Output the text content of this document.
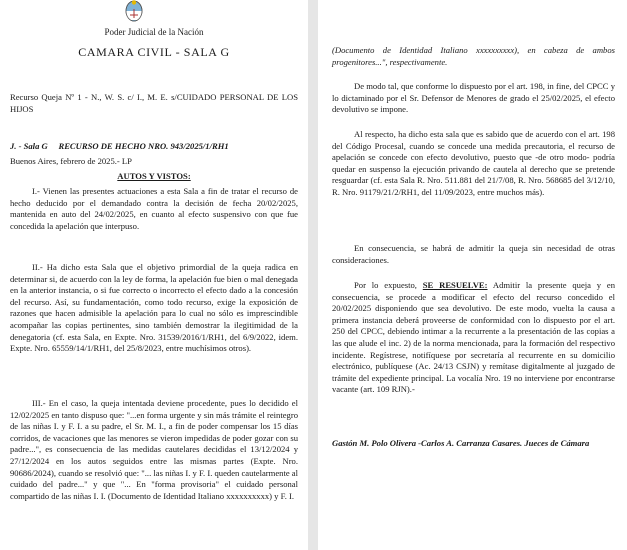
Poder Judicial de la Nación
CAMARA CIVIL - SALA G

Recurso Queja Nº 1 - N., W. S. c/ I., M. E. s/CUIDADO PERSONAL DE LOS HIJOS

J. - Sala G     RECURSO DE HECHO NRO. 943/2025/1/RH1

Buenos Aires, febrero de 2025.- LP

AUTOS Y VISTOS:

I.- Vienen las presentes actuaciones a esta Sala a fin de tratar el recurso de hecho deducido por el demandado contra la decisión de fecha 20/02/2025, mantenida en auto del 24/02/2025, en cuanto al efecto suspensivo con que fue concedida la apelación que interpuso.

II.- Ha dicho esta Sala que el objetivo primordial de la queja radica en determinar si, de acuerdo con la ley de forma, la apelación fue bien o mal denegada en la anterior instancia, o si fue correcto o incorrecto el efecto dado a la concesión del recurso. Así, su fundamentación, como todo recurso, exige la exposición de razones que hacen admisible la apelación para lo cual no sólo es imprescindible acompañar las copias pertinentes, sino también demostrar la ilegitimidad de la denegatoria (cf. esta Sala, en Expte. Nro. 31539/2016/1/RH1, del 6/9/2022, idem. Expte. Nro. 65559/14/1/RH1, del 25/8/2023, entre muchísimos otros).

III.- En el caso, la queja intentada deviene procedente, pues lo decidido el 12/02/2025 en tanto dispuso que: "...en forma urgente y sin más trámite el reintegro de las niñas I. y F. I. a su padre, el Sr. M. I., a fin de poder compensar los 15 días corridos, de vacaciones que las menores se vieron impedidas de poder gozar con su padre...", es consecuencia de las medidas cautelares decididas el 13/12/2024 y 27/12/2024 en los autos seguidos entre las mismas partes (Expte. Nro. 90686/2024), cuando se resolvió que: "... las niñas I. y F. I. queden cautelarmente al cuidado del padre..." y que "... En "forma provisoria" el cuidado personal compartido de las niñas I. I. (Documento de Identidad Italiano xxxxxxxxxx) y F. I.

(Documento de Identidad Italiano xxxxxxxxxx), en cabeza de ambos progenitores...", respectivamente.

De modo tal, que conforme lo dispuesto por el art. 198, in fine, del CPCC y lo dictaminado por el Sr. Defensor de Menores de grado el 25/02/2025, el efecto devolutivo se impone.

Al respecto, ha dicho esta sala que es sabido que de acuerdo con el art. 198 del Código Procesal, cuando se concede una medida precautoria, el recurso de apelación se concede con efecto devolutivo, puesto que -de otro modo- podría quedar en suspenso la ejecución privando de cautela al derecho que se pretende resguardar (cf. esta Sala R. Nro. 511.881 del 21/7/08, R. Nro. 568685 del 3/12/10, R. Nro. 91179/21/2/RH1, del 11/09/2023, entre muchos más).

En consecuencia, se habrá de admitir la queja sin necesidad de otras consideraciones.

Por lo expuesto, SE RESUELVE: Admitir la presente queja y en consecuencia, se procede a modificar el efecto del recurso concedido el 20/02/2025 disponiendo que sea devolutivo. De este modo, vuelta la causa a primera instancia deberá proveerse de conformidad con lo dispuesto por el art. 250 del CPCC, debiendo intimar a la recurrente a la presentación de las copias a las que alude el inc. 2) de la norma mencionada, para la formación del respectivo incidente. Regístrese, notifíquese por secretaría al recurrente en su domicilio electrónico, publíquese (Ac. 24/13 CSJN) y remítase digitalmente al juzgado de trámite del expediente principal. La vocalía Nro. 19 no interviene por encontrarse vacante (art. 109 RJN).-

Gastón M. Polo Olivera -Carlos A. Carranza Casares. Jueces de Cámara
